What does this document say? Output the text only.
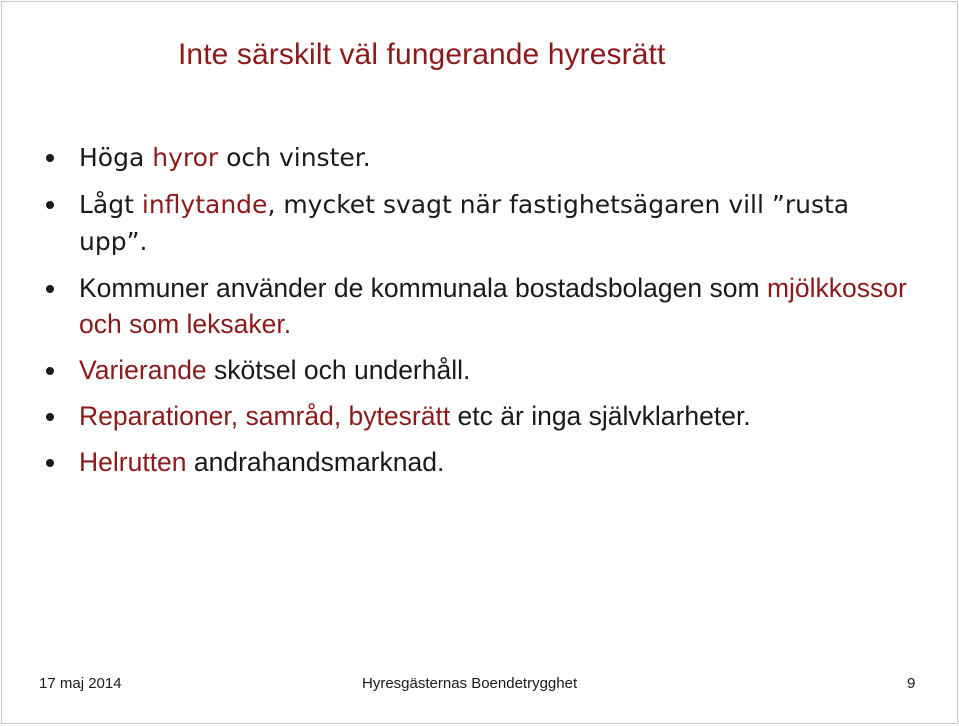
Inte särskilt väl fungerande hyresrätt
Höga hyror och vinster.
Lågt inflytande, mycket svagt när fastighetsägaren vill ”rusta upp”.
Kommuner använder de kommunala bostadsbolagen som mjölkkossor och som leksaker.
Varierande skötsel och underhåll.
Reparationer, samråd, bytesrätt etc är inga självklarheter.
Helrutten andrahandsmarknad.
17 maj 2014	Hyresgästernas Boendetrygghet	9
